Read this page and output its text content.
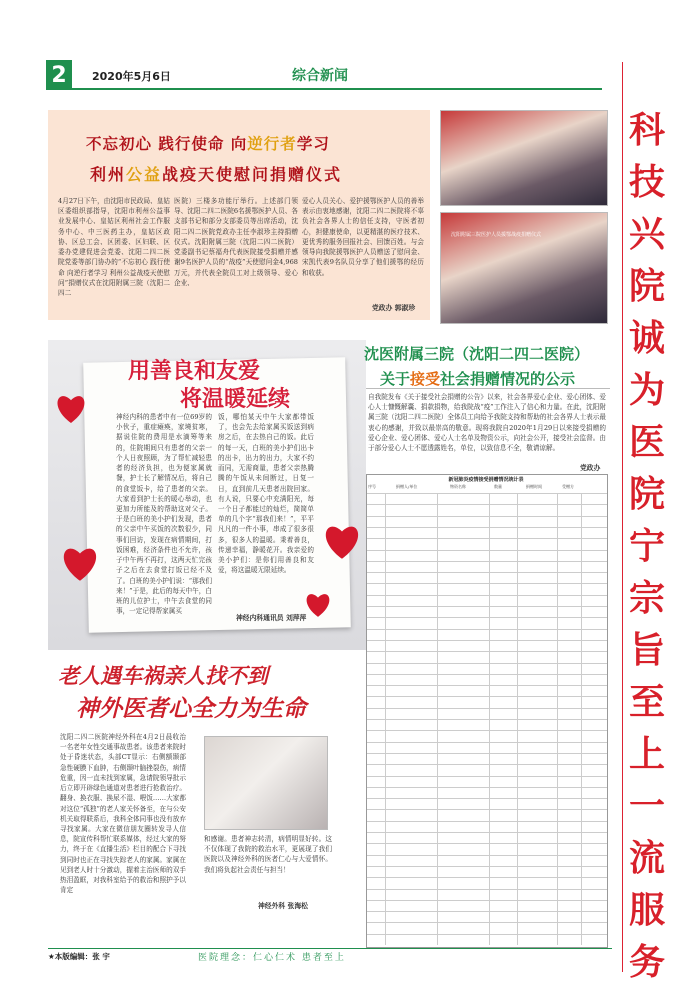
2	2020年5月6日	综合新闻
科
技
兴
院
诚
为
医
院
宁
宗
旨
至
上
一
流
服
务
不忘初心 践行使命 向逆行者学习
利州公益战疫天使慰问捐赠仪式
4月27日下午，由沈阳市民政局、皇姑区委组织部指导，沈阳市利州公益事业发展中心、皇姑区利州社会工作服务中心、中三医药主办，皇姑区政协、区总工会、区团委、区妇联、区委办党建促进会党委、沈阳二四二医院党委等部门协办的“不忘初心 践行使命 向逆行者学习 利州公益战疫天使慰问”捐赠仪式在沈阳附属三院（沈阳二四二
医院）三楼多功能厅举行。上述部门领导、沈阳二四二医院6名援鄂医护人员、各支部书记和部分支部委员等出席活动，沈阳二四二医院党政办主任李淑珍主持捐赠仪式。沈阳附属三院（沈阳二四二医院）党委副书记蔡福舟代表医院接受捐赠并感谢9名医护人员的“战疫”天使慰问金4,968万元，并代表全院员工对上级领导、爱心企业、
爱心人员关心、爱护援鄂医护人员的善举表示由衷地感谢，沈阳二四二医院将不辜负社会各界人士的信任支持，守医者初心，担健康使命，以更精湛的医疗技术、更优秀的服务回报社会、回馈百姓。与会领导向我院援鄂医护人员赠送了慰问金、宋凯代表9名队员分享了他们援鄂的经历和收获。
党政办 郭淑珍
沈阳附属三院医护人员援鄂战疫捐赠仪式
用善良和友爱
将温暖延续
神经内科的患者中有一位69岁的小伙子，重症瘫痪，家境贫寒，据说住院的费用是水滴筹等来的，住院期间只有患者的父亲一个人日夜照顾，为了帮忙减轻患者的经济负担，也为便家属就餐，护士长了解情况后，将自己的食堂饭卡，给了患者的父亲。大家看到护士长的暖心举动，也更加力所能及的帮助这对父子。于是白班的美小护们发现，患者的父亲中午买饭的次数很少，同事们回访，发现在病情期间，打饭困难，经济条件也不允许，孩子中午两不再打，这两天忙完孩子之后在去食堂打饭已经不及了。白班的美小护们说：“那我们来！”于是，此后的每天中午，白班的儿位护士，中午去食堂的同事，一定记得帮家属买
饭，哪怕某天中午大家都带饭了，也会先去给家属买饭送到病房之后，在去热自己的饭。此后的每一天，白班的美小护们出卡的出卡，出力的出力，大家不约而同，无需商量，患者父亲热腾腾的午饭从未间断过，日复一日，直到前几天患者出院回家。有人说，只要心中充满阳光，每一个日子都能过的灿烂，简简单单的几个字“那我们来！”，平平凡凡的一件小事，串成了很多很多，很多人的温暖。秉着善良，传递幸福，静暖花开。我亲爱的美小护们：是你们用善良和友爱，将这温暖无限延续。
神经内科通讯员 刘萍萍
老人遇车祸亲人找不到
神外医者心全力为生命
沈阳二四二医院神经外科在4月2日晨收治一名老年女性交通事故患者。该患者来院时处于昏迷状态，头部CT显示：右侧额颞部急性硬膜下血肿，右侧颞叶脑挫裂伤，病情危重，因一直未找到家属，急请院领导批示后立即开辟绿色通道对患者进行抢救治疗。翻身、换衣服、换尿不湿、喂饭……大家都对这位“孤独”的老人家关怀备至，在与公安机关取得联系后，我科全体同事也没有放弃寻找家属。大家在微信朋友圈转发寻人信息，院宣传科帮忙联系媒体，经过大家的努力，终于在《直播生活》栏目的配合下寻找到同时也正在寻找失踪老人的家属。家属在见到老人时十分激动，握着主治医师的双手热泪盈眶，对我科室给予的救治和照护予以肯定
和感谢。患者神志转清，病情明显好转。这不仅体现了我院的救治水平，更展现了我们医院以及神经外科的医者仁心与大爱情怀。我们将负起社会责任与担当！
神经外科 张海松
沈医附属三院（沈阳二四二医院）
关于接受社会捐赠情况的公示
自我院发布《关于接受社会捐赠的公告》以来，社会各界爱心企业、爱心团体、爱心人士慷慨解囊、捐款捐物，给我院战“疫”工作注入了信心和力量。在此，沈阳附属三院（沈阳二四二医院）全体员工向给予我院支持和帮助的社会各界人士表示最衷心的感谢，并致以最崇高的敬意。现将我院自2020年1月29日以来接受捐赠的爱心企业、爱心团体、爱心人士名单及物资公示，向社会公开，接受社会监督。由于部分爱心人士不愿透露姓名，单位，以致信息不全，敬请谅解。
党政办
新冠肺炎疫情接受捐赠情况统计表
序号	捐赠人/单位	物资名称	数量	捐赠时间	受赠方
★本版编辑：张 宇	医院理念：仁心仁术 患者至上
